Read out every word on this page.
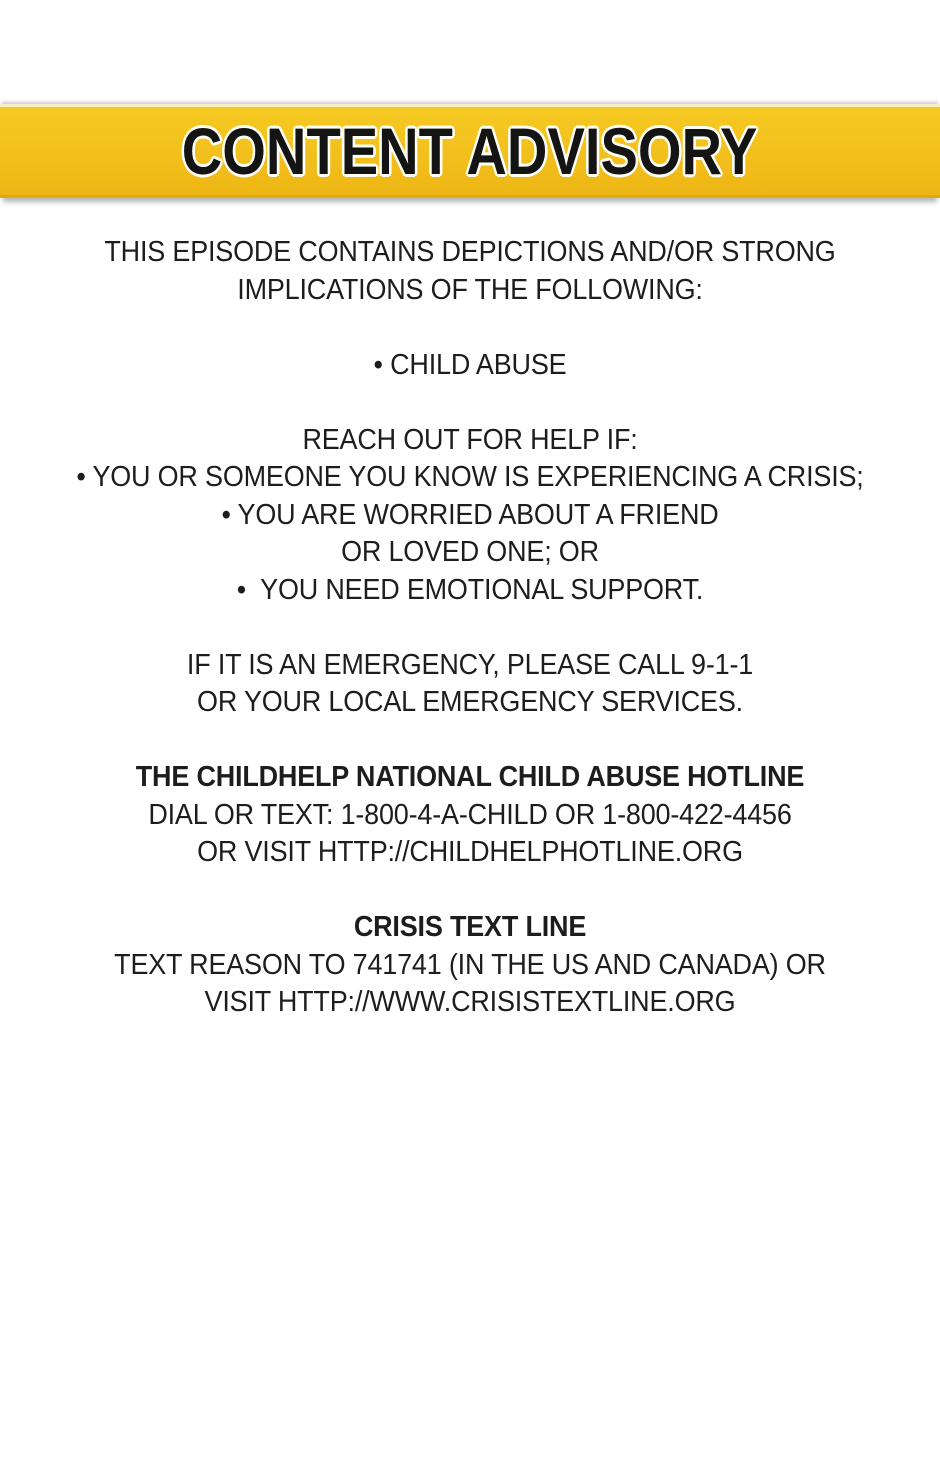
CONTENT ADVISORY
THIS EPISODE CONTAINS DEPICTIONS AND/OR STRONG
IMPLICATIONS OF THE FOLLOWING:
• CHILD ABUSE
REACH OUT FOR HELP IF:
• YOU OR SOMEONE YOU KNOW IS EXPERIENCING A CRISIS;
• YOU ARE WORRIED ABOUT A FRIEND
OR LOVED ONE; OR
•  YOU NEED EMOTIONAL SUPPORT.
IF IT IS AN EMERGENCY, PLEASE CALL 9-1-1
OR YOUR LOCAL EMERGENCY SERVICES.
THE CHILDHELP NATIONAL CHILD ABUSE HOTLINE
DIAL OR TEXT: 1-800-4-A-CHILD OR 1-800-422-4456
OR VISIT HTTP://CHILDHELPHOTLINE.ORG
CRISIS TEXT LINE
TEXT REASON TO 741741 (IN THE US AND CANADA) OR
VISIT HTTP://WWW.CRISISTEXTLINE.ORG
